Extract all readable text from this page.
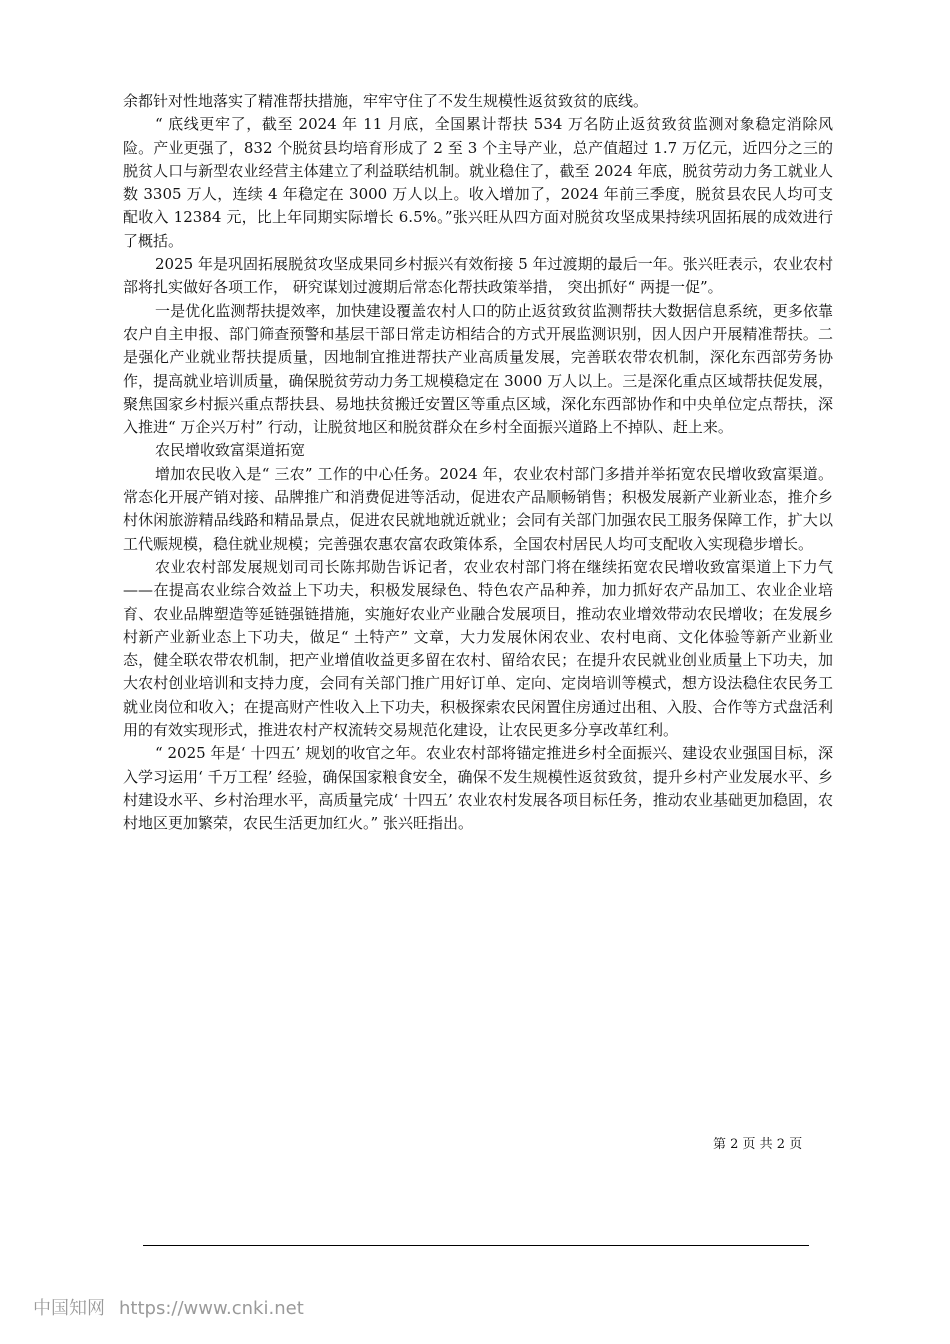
余都针对性地落实了精准帮扶措施，牢牢守住了不发生规模性返贫致贫的底线。

“ 底线更牢了，截至 2024 年 11 月底，全国累计帮扶 534 万名防止返贫致贫监测对象稳定消除风险。产业更强了，832 个脱贫县均培育形成了 2 至 3 个主导产业，总产值超过 1.7 万亿元，近四分之三的脱贫人口与新型农业经营主体建立了利益联结机制。就业稳住了，截至 2024 年底，脱贫劳动力务工就业人数 3305 万人，连续 4 年稳定在 3000 万人以上。收入增加了，2024 年前三季度，脱贫县农民人均可支配收入 12384 元，比上年同期实际增长 6.5%。”张兴旺从四方面对脱贫攻坚成果持续巩固拓展的成效进行了概括。

2025 年是巩固拓展脱贫攻坚成果同乡村振兴有效衔接 5 年过渡期的最后一年。张兴旺表示，农业农村部将扎实做好各项工作， 研究谋划过渡期后常态化帮扶政策举措， 突出抓好“ 两提一促”。

一是优化监测帮扶提效率，加快建设覆盖农村人口的防止返贫致贫监测帮扶大数据信息系统，更多依靠农户自主申报、部门筛查预警和基层干部日常走访相结合的方式开展监测识别，因人因户开展精准帮扶。二是强化产业就业帮扶提质量，因地制宜推进帮扶产业高质量发展，完善联农带农机制，深化东西部劳务协作，提高就业培训质量，确保脱贫劳动力务工规模稳定在 3000 万人以上。三是深化重点区域帮扶促发展，聚焦国家乡村振兴重点帮扶县、易地扶贫搬迁安置区等重点区域，深化东西部协作和中央单位定点帮扶，深入推进“ 万企兴万村” 行动，让脱贫地区和脱贫群众在乡村全面振兴道路上不掉队、赶上来。

农民增收致富渠道拓宽

增加农民收入是“ 三农” 工作的中心任务。2024 年，农业农村部门多措并举拓宽农民增收致富渠道。常态化开展产销对接、品牌推广和消费促进等活动，促进农产品顺畅销售；积极发展新产业新业态，推介乡村休闲旅游精品线路和精品景点，促进农民就地就近就业；会同有关部门加强农民工服务保障工作，扩大以工代赈规模，稳住就业规模；完善强农惠农富农政策体系，全国农村居民人均可支配收入实现稳步增长。

农业农村部发展规划司司长陈邦勋告诉记者，农业农村部门将在继续拓宽农民增收致富渠道上下力气——在提高农业综合效益上下功夫，积极发展绿色、特色农产品种养，加力抓好农产品加工、农业企业培育、农业品牌塑造等延链强链措施，实施好农业产业融合发展项目，推动农业增效带动农民增收；在发展乡村新产业新业态上下功夫，做足“ 土特产” 文章，大力发展休闲农业、农村电商、文化体验等新产业新业态，健全联农带农机制，把产业增值收益更多留在农村、留给农民；在提升农民就业创业质量上下功夫，加大农村创业培训和支持力度，会同有关部门推广用好订单、定向、定岗培训等模式，想方设法稳住农民务工就业岗位和收入；在提高财产性收入上下功夫，积极探索农民闲置住房通过出租、入股、合作等方式盘活利用的有效实现形式，推进农村产权流转交易规范化建设，让农民更多分享改革红利。

“ 2025 年是‘ 十四五’ 规划的收官之年。农业农村部将锚定推进乡村全面振兴、建设农业强国目标，深入学习运用‘ 千万工程’ 经验，确保国家粮食安全，确保不发生规模性返贫致贫，提升乡村产业发展水平、乡村建设水平、乡村治理水平，高质量完成‘ 十四五’ 农业农村发展各项目标任务，推动农业基础更加稳固，农村地区更加繁荣，农民生活更加红火。” 张兴旺指出。

第 2 页 共 2 页
中国知网 https://www.cnki.net
